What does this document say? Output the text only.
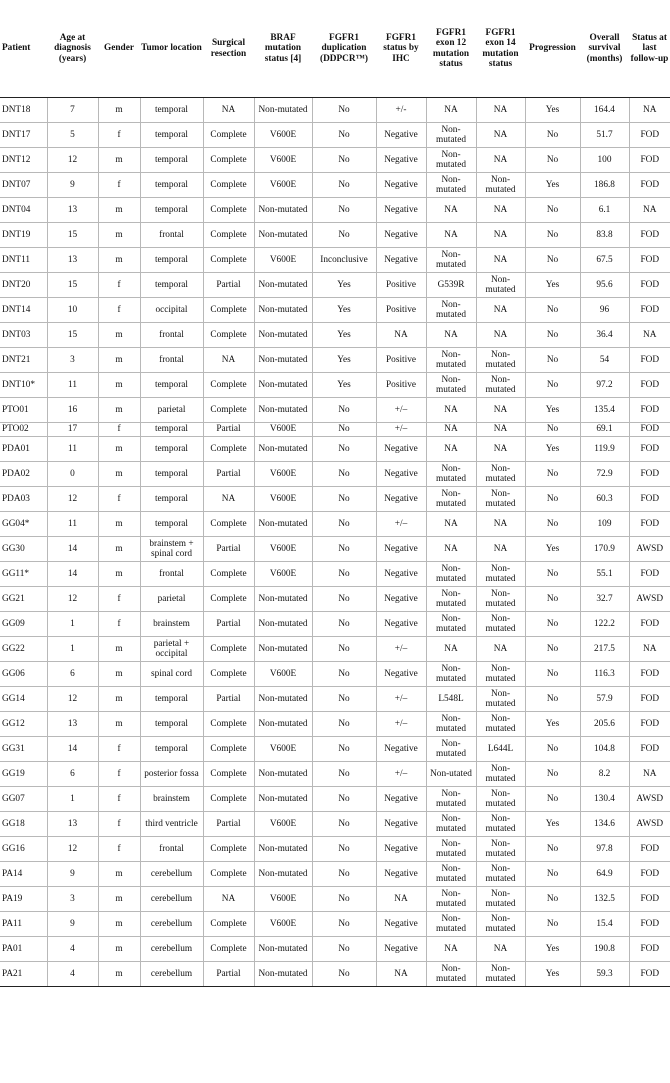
Patient	Age at diagnosis (years)	Gender	Tumor location	Surgical resection	BRAF mutation status [4]	FGFR1 duplication (DDPCR™)	FGFR1 status by IHC	FGFR1 exon 12 mutation status	FGFR1 exon 14 mutation status	Progression	Overall survival (months)	Status at last follow-up
DNT18	7	m	temporal	NA	Non-mutated	No	+/-	NA	NA	Yes	164.4	NA
DNT17	5	f	temporal	Complete	V600E	No	Negative	Non-mutated	NA	No	51.7	FOD
DNT12	12	m	temporal	Complete	V600E	No	Negative	Non-mutated	NA	No	100	FOD
DNT07	9	f	temporal	Complete	V600E	No	Negative	Non-mutated	Non-mutated	Yes	186.8	FOD
DNT04	13	m	temporal	Complete	Non-mutated	No	Negative	NA	NA	No	6.1	NA
DNT19	15	m	frontal	Complete	Non-mutated	No	Negative	NA	NA	No	83.8	FOD
DNT11	13	m	temporal	Complete	V600E	Inconclusive	Negative	Non-mutated	NA	No	67.5	FOD
DNT20	15	f	temporal	Partial	Non-mutated	Yes	Positive	G539R	Non-mutated	Yes	95.6	FOD
DNT14	10	f	occipital	Complete	Non-mutated	Yes	Positive	Non-mutated	NA	No	96	FOD
DNT03	15	m	frontal	Complete	Non-mutated	Yes	NA	NA	NA	No	36.4	NA
DNT21	3	m	frontal	NA	Non-mutated	Yes	Positive	Non-mutated	Non-mutated	No	54	FOD
DNT10*	11	m	temporal	Complete	Non-mutated	Yes	Positive	Non-mutated	Non-mutated	No	97.2	FOD
PTO01	16	m	parietal	Complete	Non-mutated	No	+/–	NA	NA	Yes	135.4	FOD
PTO02	17	f	temporal	Partial	V600E	No	+/–	NA	NA	No	69.1	FOD
PDA01	11	m	temporal	Complete	Non-mutated	No	Negative	NA	NA	Yes	119.9	FOD
PDA02	0	m	temporal	Partial	V600E	No	Negative	Non-mutated	Non-mutated	No	72.9	FOD
PDA03	12	f	temporal	NA	V600E	No	Negative	Non-mutated	Non-mutated	No	60.3	FOD
GG04*	11	m	temporal	Complete	Non-mutated	No	+/–	NA	NA	No	109	FOD
GG30	14	m	brainstem + spinal cord	Partial	V600E	No	Negative	NA	NA	Yes	170.9	AWSD
GG11*	14	m	frontal	Complete	V600E	No	Negative	Non-mutated	Non-mutated	No	55.1	FOD
GG21	12	f	parietal	Complete	Non-mutated	No	Negative	Non-mutated	Non-mutated	No	32.7	AWSD
GG09	1	f	brainstem	Partial	Non-mutated	No	Negative	Non-mutated	Non-mutated	No	122.2	FOD
GG22	1	m	parietal + occipital	Complete	Non-mutated	No	+/–	NA	NA	No	217.5	NA
GG06	6	m	spinal cord	Complete	V600E	No	Negative	Non-mutated	Non-mutated	No	116.3	FOD
GG14	12	m	temporal	Partial	Non-mutated	No	+/–	L548L	Non-mutated	No	57.9	FOD
GG12	13	m	temporal	Complete	Non-mutated	No	+/–	Non-mutated	Non-mutated	Yes	205.6	FOD
GG31	14	f	temporal	Complete	V600E	No	Negative	Non-mutated	L644L	No	104.8	FOD
GG19	6	f	posterior fossa	Complete	Non-mutated	No	+/–	Non-utated	Non-mutated	No	8.2	NA
GG07	1	f	brainstem	Complete	Non-mutated	No	Negative	Non-mutated	Non-mutated	No	130.4	AWSD
GG18	13	f	third ventricle	Partial	V600E	No	Negative	Non-mutated	Non-mutated	Yes	134.6	AWSD
GG16	12	f	frontal	Complete	Non-mutated	No	Negative	Non-mutated	Non-mutated	No	97.8	FOD
PA14	9	m	cerebellum	Complete	Non-mutated	No	Negative	Non-mutated	Non-mutated	No	64.9	FOD
PA19	3	m	cerebellum	NA	V600E	No	NA	Non-mutated	Non-mutated	No	132.5	FOD
PA11	9	m	cerebellum	Complete	V600E	No	Negative	Non-mutated	Non-mutated	No	15.4	FOD
PA01	4	m	cerebellum	Complete	Non-mutated	No	Negative	NA	NA	Yes	190.8	FOD
PA21	4	m	cerebellum	Partial	Non-mutated	No	NA	Non-mutated	Non-mutated	Yes	59.3	FOD
